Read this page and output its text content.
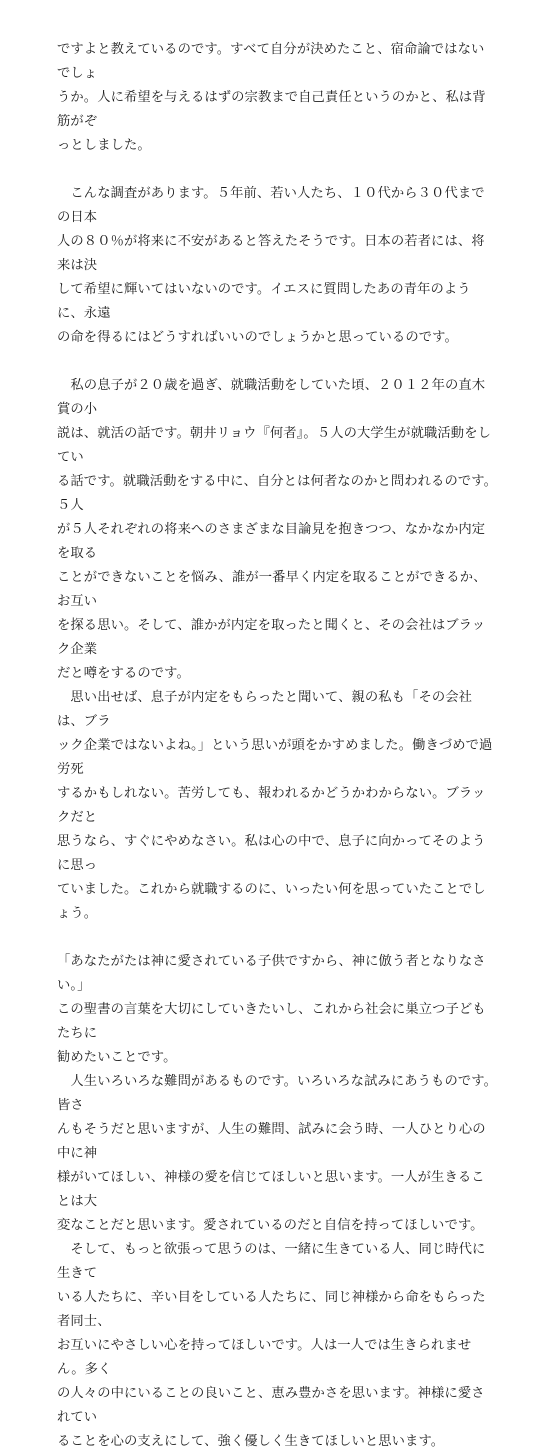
ですよと教えているのです。すべて自分が決めたこと、宿命論ではないでしょ
うか。人に希望を与えるはずの宗教まで自己責任というのかと、私は背筋がぞ
っとしました。

　こんな調査があります。５年前、若い人たち、１０代から３０代までの日本
人の８０％が将来に不安があると答えたそうです。日本の若者には、将来は決
して希望に輝いてはいないのです。イエスに質問したあの青年のように、永遠
の命を得るにはどうすればいいのでしょうかと思っているのです。

　私の息子が２０歳を過ぎ、就職活動をしていた頃、２０１２年の直木賞の小
説は、就活の話です。朝井リョウ『何者』。５人の大学生が就職活動をしてい
る話です。就職活動をする中に、自分とは何者なのかと問われるのです。５人
が５人それぞれの将来へのさまざまな目論見を抱きつつ、なかなか内定を取る
ことができないことを悩み、誰が一番早く内定を取ることができるか、お互い
を探る思い。そして、誰かが内定を取ったと聞くと、その会社はブラック企業
だと噂をするのです。

　思い出せば、息子が内定をもらったと聞いて、親の私も「その会社は、ブラ
ック企業ではないよね。」という思いが頭をかすめました。働きづめで過労死
するかもしれない。苦労しても、報われるかどうかわからない。ブラックだと
思うなら、すぐにやめなさい。私は心の中で、息子に向かってそのように思っ
ていました。これから就職するのに、いったい何を思っていたことでしょう。

「あなたがたは神に愛されている子供ですから、神に倣う者となりなさい。」
この聖書の言葉を大切にしていきたいし、これから社会に巣立つ子どもたちに
勧めたいことです。

　人生いろいろな難問があるものです。いろいろな試みにあうものです。皆さ
んもそうだと思いますが、人生の難問、試みに会う時、一人ひとり心の中に神
様がいてほしい、神様の愛を信じてほしいと思います。一人が生きることは大
変なことだと思います。愛されているのだと自信を持ってほしいです。

　そして、もっと欲張って思うのは、一緒に生きている人、同じ時代に生きて
いる人たちに、辛い目をしている人たちに、同じ神様から命をもらった者同士、
お互いにやさしい心を持ってほしいです。人は一人では生きられません。多く
の人々の中にいることの良いこと、恵み豊かさを思います。神様に愛されてい
ることを心の支えにして、強く優しく生きてほしいと思います。
